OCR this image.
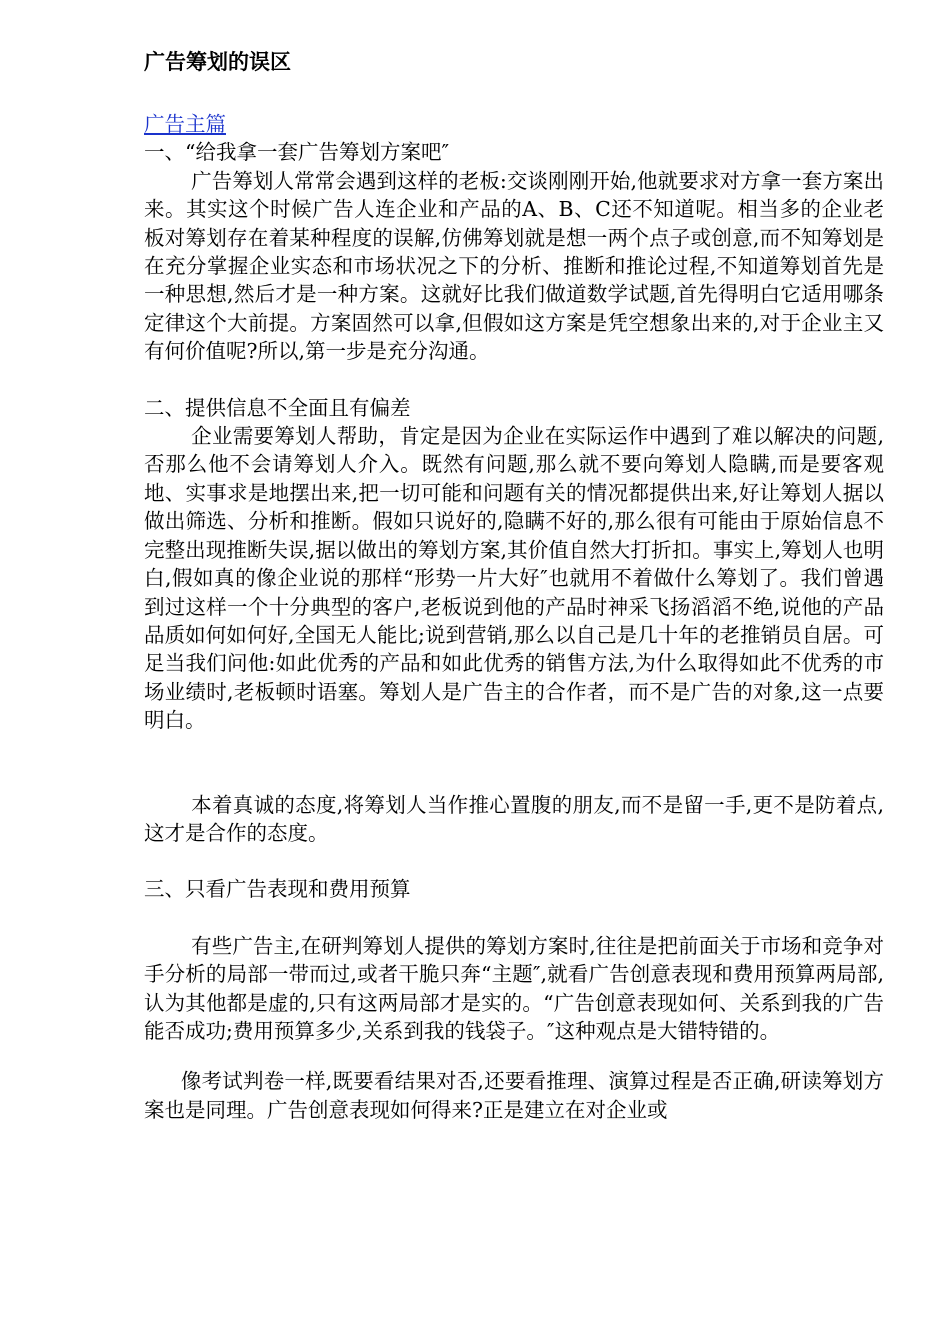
广告筹划的误区
广告主篇
一、“给我拿一套广告筹划方案吧″

广告筹划人常常会遇到这样的老板:交谈刚刚开始,他就要求对方拿一套方案出来。其实这个时候广告人连企业和产品的A、B、C还不知道呢。相当多的企业老板对筹划存在着某种程度的误解,仿佛筹划就是想一两个点子或创意,而不知筹划是在充分掌握企业实态和市场状况之下的分析、推断和推论过程,不知道筹划首先是一种思想,然后才是一种方案。这就好比我们做道数学试题,首先得明白它适用哪条定律这个大前提。方案固然可以拿,但假如这方案是凭空想象出来的,对于企业主又有何价值呢?所以,第一步是充分沟通。

二、提供信息不全面且有偏差

企业需要筹划人帮助，肯定是因为企业在实际运作中遇到了难以解决的问题,否那么他不会请筹划人介入。既然有问题,那么就不要向筹划人隐瞒,而是要客观地、实事求是地摆出来,把一切可能和问题有关的情况都提供出来,好让筹划人据以做出筛选、分析和推断。假如只说好的,隐瞒不好的,那么很有可能由于原始信息不完整出现推断失误,据以做出的筹划方案,其价值自然大打折扣。事实上,筹划人也明白,假如真的像企业说的那样“形势一片大好″也就用不着做什么筹划了。我们曾遇到过这样一个十分典型的客户,老板说到他的产品时神采飞扬滔滔不绝,说他的产品品质如何如何好,全国无人能比;说到营销,那么以自己是几十年的老推销员自居。可足当我们问他:如此优秀的产品和如此优秀的销售方法,为什么取得如此不优秀的市场业绩时,老板顿时语塞。筹划人是广告主的合作者，而不是广告的对象,这一点要明白。

本着真诚的态度,将筹划人当作推心置腹的朋友,而不是留一手,更不是防着点,这才是合作的态度。

三、只看广告表现和费用预算

有些广告主,在研判筹划人提供的筹划方案时,往往是把前面关于市场和竞争对手分析的局部一带而过,或者干脆只奔“主题″,就看广告创意表现和费用预算两局部,认为其他都是虚的,只有这两局部才是实的。“广告创意表现如何、关系到我的广告能否成功;费用预算多少,关系到我的钱袋子。″这种观点是大错特错的。

像考试判卷一样,既要看结果对否,还要看推理、演算过程是否正确,研读筹划方案也是同理。广告创意表现如何得来?正是建立在对企业或
